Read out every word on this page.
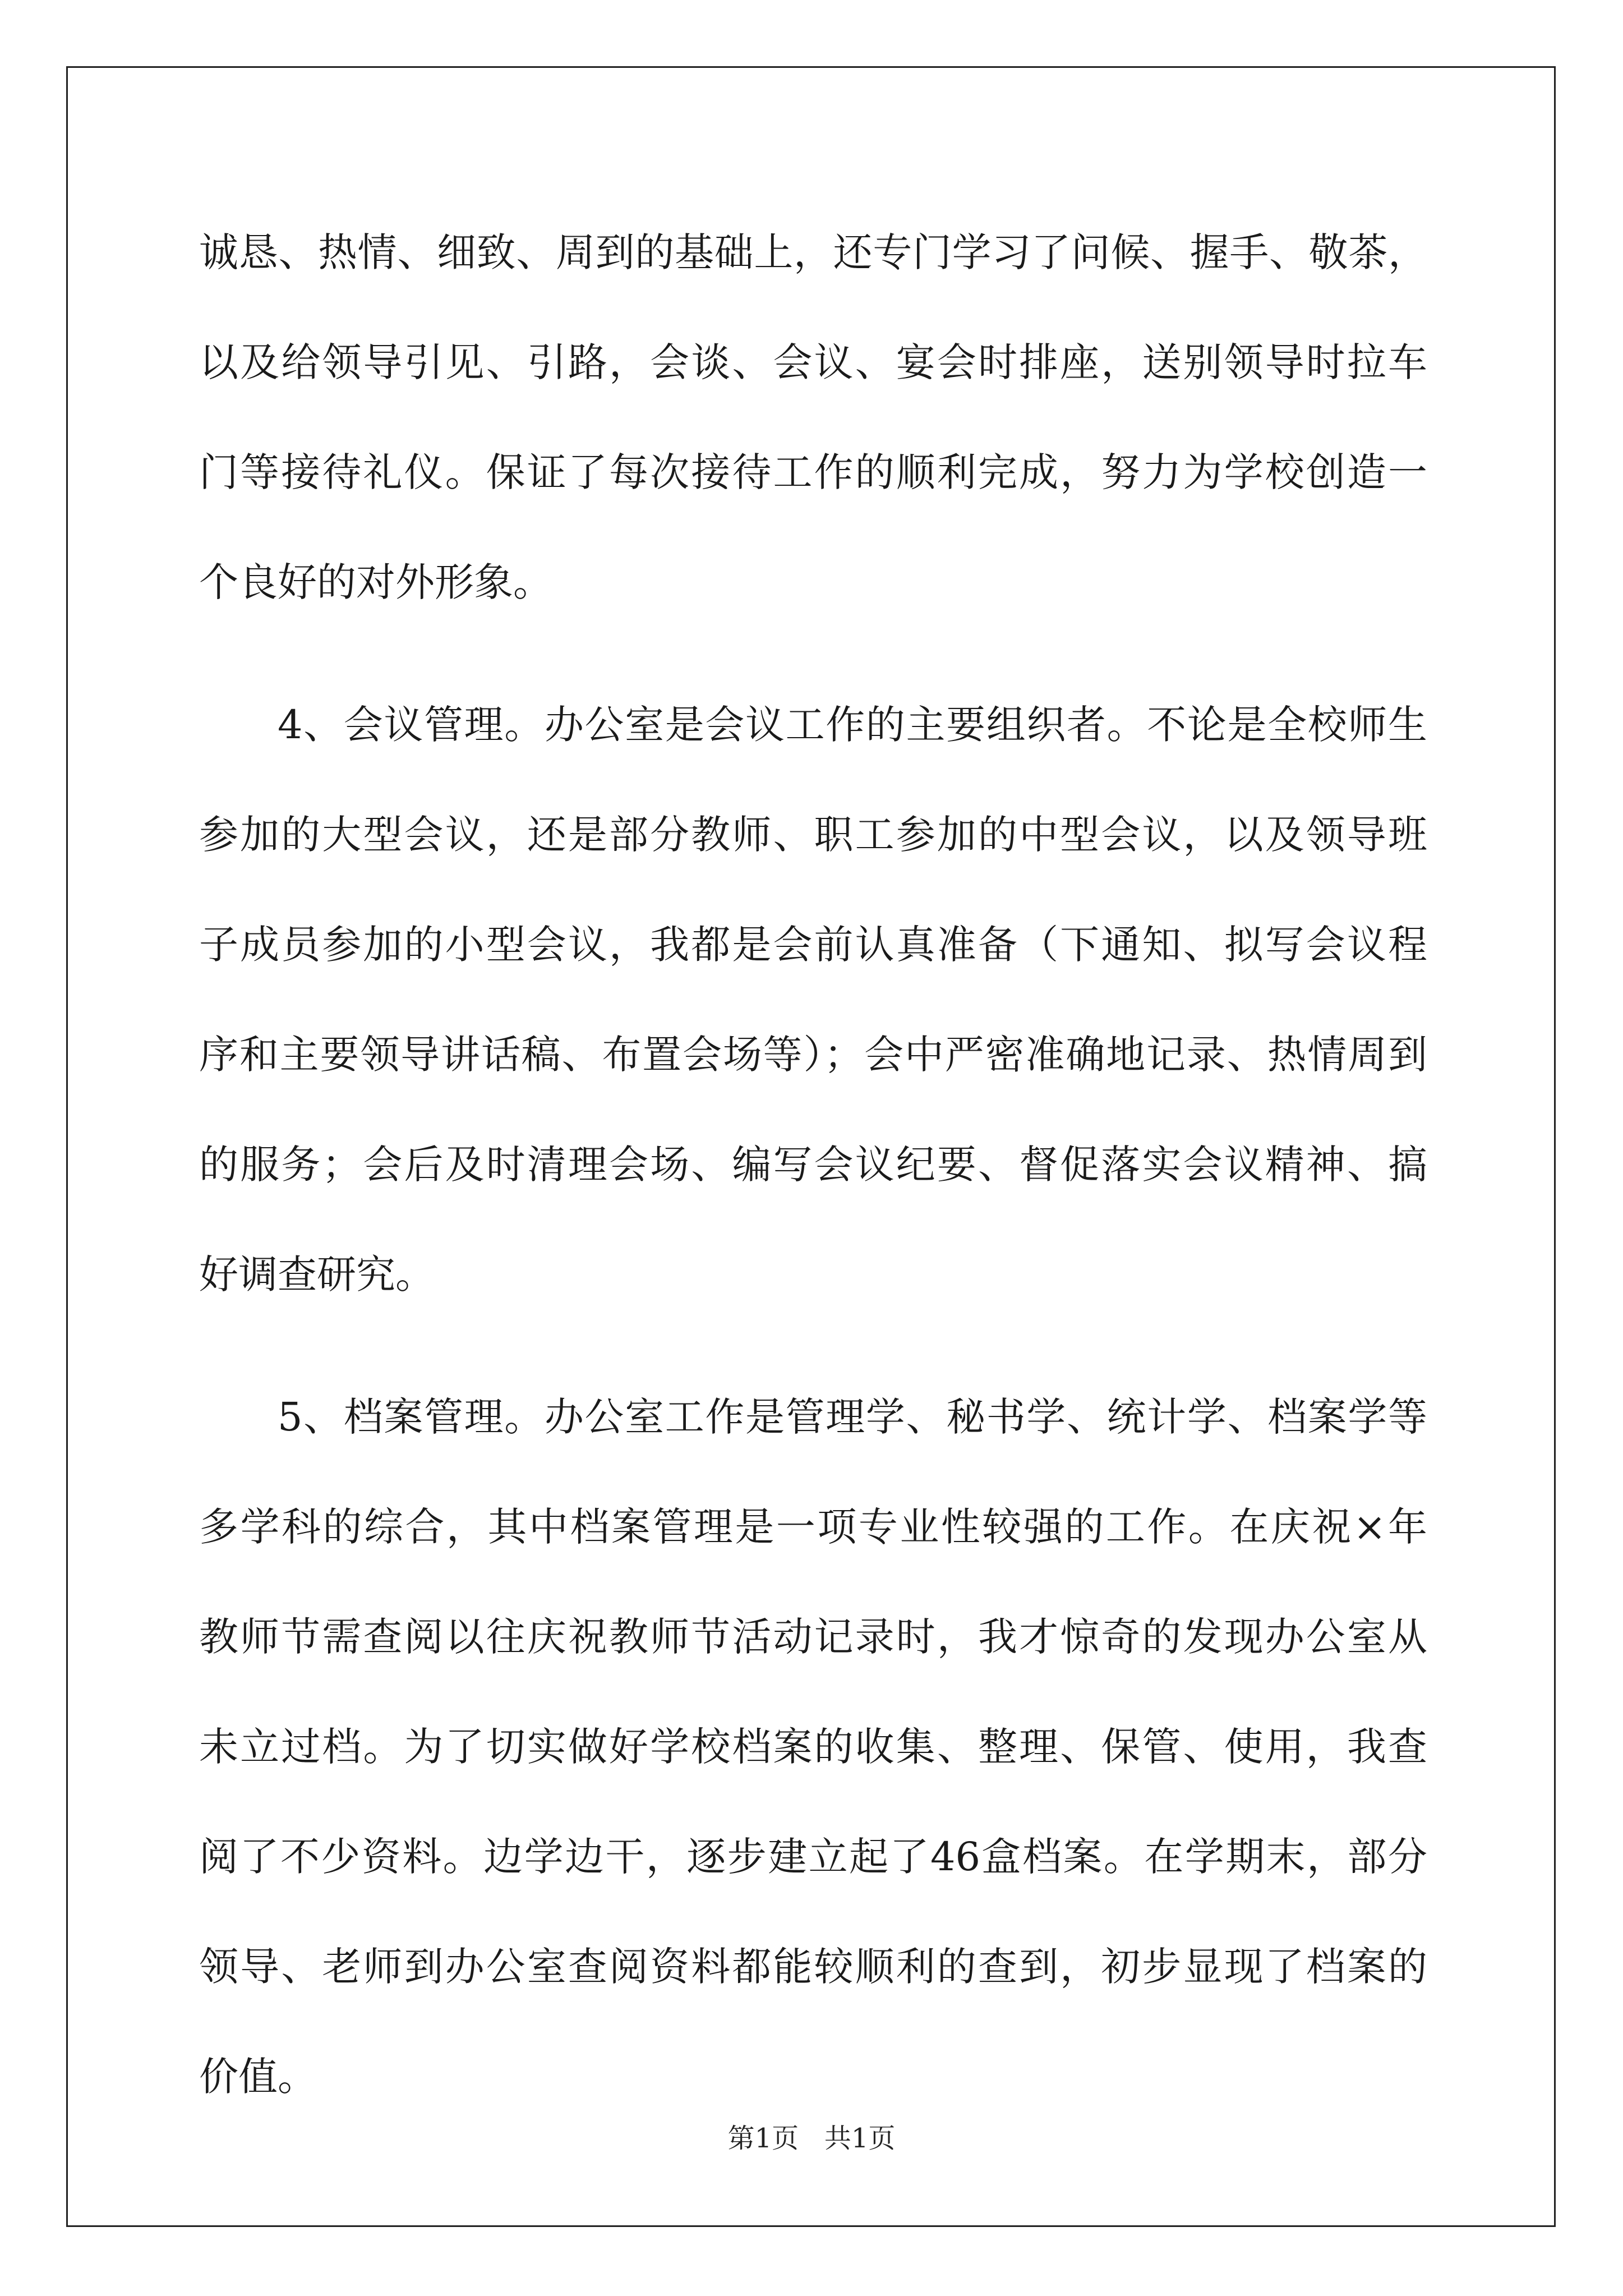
诚恳、热情、细致、周到的基础上，还专门学习了问候、握手、敬茶，
以及给领导引见、引路，会谈、会议、宴会时排座，送别领导时拉车
门等接待礼仪。保证了每次接待工作的顺利完成，努力为学校创造一
个良好的对外形象。
4、会议管理。办公室是会议工作的主要组织者。不论是全校师生
参加的大型会议，还是部分教师、职工参加的中型会议，以及领导班
子成员参加的小型会议，我都是会前认真准备（下通知、拟写会议程
序和主要领导讲话稿、布置会场等）；会中严密准确地记录、热情周到
的服务；会后及时清理会场、编写会议纪要、督促落实会议精神、搞
好调查研究。
5、档案管理。办公室工作是管理学、秘书学、统计学、档案学等
多学科的综合，其中档案管理是一项专业性较强的工作。在庆祝×年
教师节需查阅以往庆祝教师节活动记录时，我才惊奇的发现办公室从
未立过档。为了切实做好学校档案的收集、整理、保管、使用，我查
阅了不少资料。边学边干，逐步建立起了46盒档案。在学期末，部分
领导、老师到办公室查阅资料都能较顺利的查到，初步显现了档案的
价值。
第1页 共1页
